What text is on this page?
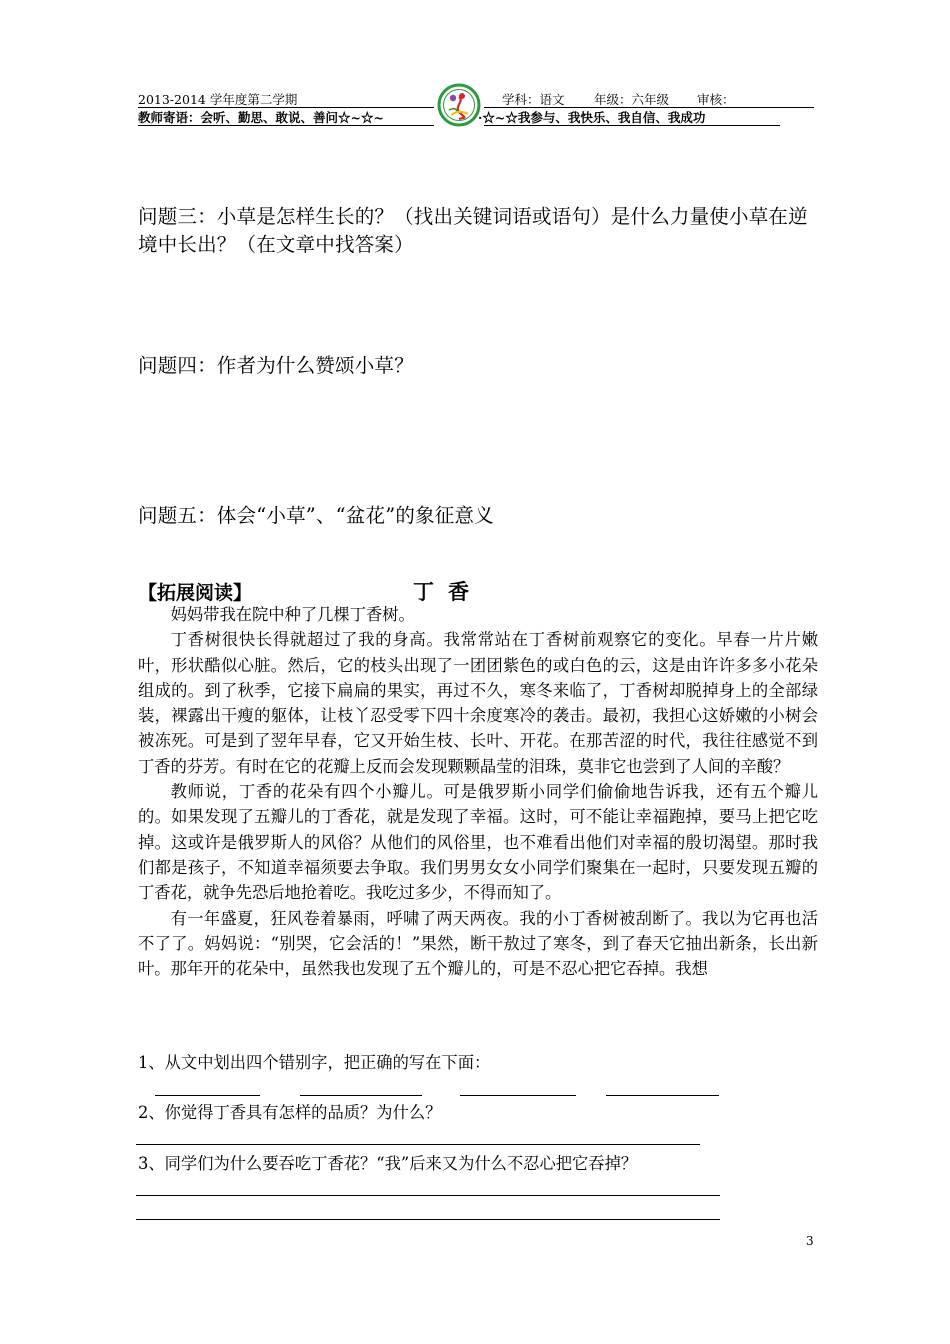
2013-2014 学年度第二学期	学科：语文 年级：六年级 审核：
教师寄语：会听、勤思、敢说、善问☆~☆~	·☆~☆我参与、我快乐、我自信、我成功
问题三：小草是怎样生长的？（找出关键词语或语句）是什么力量使小草在逆境中长出？（在文章中找答案）
问题四：作者为什么赞颂小草？
问题五：体会“小草”、“盆花”的象征意义
【拓展阅读】	丁香

妈妈带我在院中种了几棵丁香树。

丁香树很快长得就超过了我的身高。我常常站在丁香树前观察它的变化。早春一片片嫩叶，形状酷似心脏。然后，它的枝头出现了一团团紫色的或白色的云，这是由许许多多小花朵组成的。到了秋季，它接下扁扁的果实，再过不久，寒冬来临了，丁香树却脱掉身上的全部绿装，裸露出干瘦的躯体，让枝丫忍受零下四十余度寒冷的袭击。最初，我担心这娇嫩的小树会被冻死。可是到了翌年早春，它又开始生枝、长叶、开花。在那苦涩的时代，我往往感觉不到丁香的芬芳。有时在它的花瓣上反而会发现颗颗晶莹的泪珠，莫非它也尝到了人间的辛酸？

教师说，丁香的花朵有四个小瓣儿。可是俄罗斯小同学们偷偷地告诉我，还有五个瓣儿的。如果发现了五瓣儿的丁香花，就是发现了幸福。这时，可不能让幸福跑掉，要马上把它吃掉。这或许是俄罗斯人的风俗？从他们的风俗里，也不难看出他们对幸福的殷切渴望。那时我们都是孩子，不知道幸福须要去争取。我们男男女女小同学们聚集在一起时，只要发现五瓣的丁香花，就争先恐后地抢着吃。我吃过多少，不得而知了。

有一年盛夏，狂风卷着暴雨，呼啸了两天两夜。我的小丁香树被刮断了。我以为它再也活不了了。妈妈说：“别哭，它会活的！”果然，断干敖过了寒冬，到了春天它抽出新条，长出新叶。那年开的花朵中，虽然我也发现了五个瓣儿的，可是不忍心把它吞掉。我想

1、从文中划出四个错别字，把正确的写在下面：
2、你觉得丁香具有怎样的品质？为什么？
3、同学们为什么要吞吃丁香花？“我”后来又为什么不忍心把它吞掉？
3
